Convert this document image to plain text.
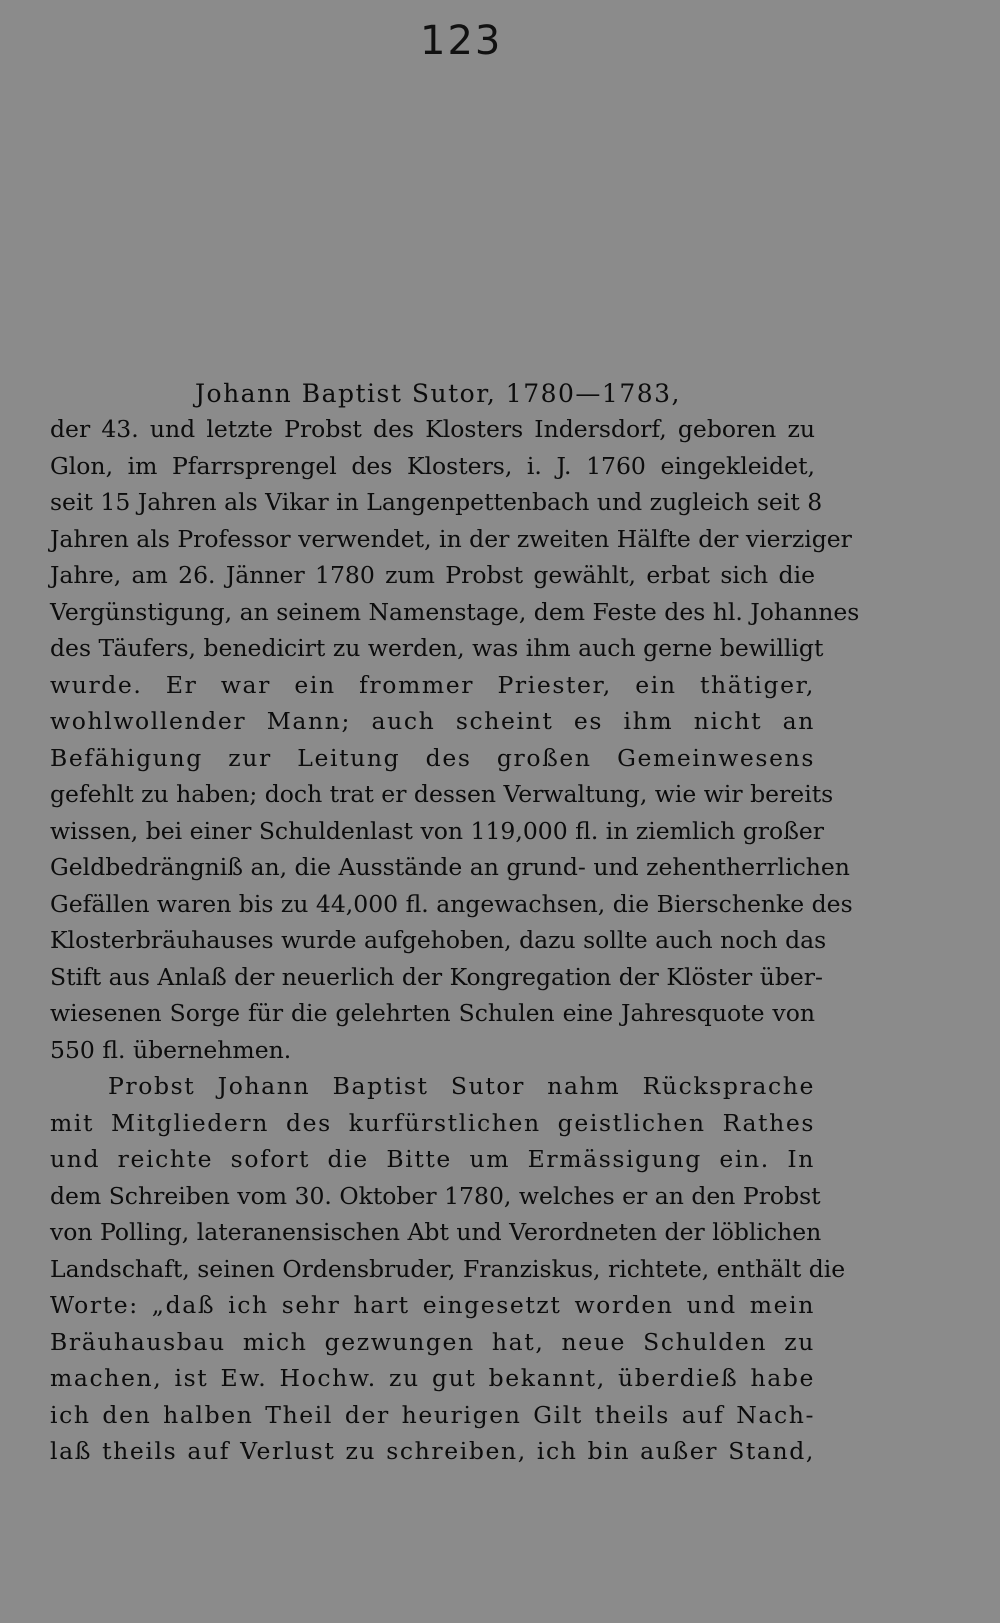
123
Johann Baptist Sutor, 1780—1783,
der 43. und letzte Probst des Klosters Indersdorf, geboren zu
Glon, im Pfarrsprengel des Klosters, i. J. 1760 eingekleidet,
seit 15 Jahren als Vikar in Langenpettenbach und zugleich seit 8
Jahren als Professor verwendet, in der zweiten Hälfte der vierziger
Jahre, am 26. Jänner 1780 zum Probst gewählt, erbat sich die
Vergünstigung, an seinem Namenstage, dem Feste des hl. Johannes
des Täufers, benedicirt zu werden, was ihm auch gerne bewilligt
wurde. Er war ein frommer Priester, ein thätiger,
wohlwollender Mann; auch scheint es ihm nicht an
Befähigung zur Leitung des großen Gemeinwesens
gefehlt zu haben; doch trat er dessen Verwaltung, wie wir bereits
wissen, bei einer Schuldenlast von 119,000 fl. in ziemlich großer
Geldbedrängniß an, die Ausstände an grund- und zehentherrlichen
Gefällen waren bis zu 44,000 fl. angewachsen, die Bierschenke des
Klosterbräuhauses wurde aufgehoben, dazu sollte auch noch das
Stift aus Anlaß der neuerlich der Kongregation der Klöster über-
wiesenen Sorge für die gelehrten Schulen eine Jahresquote von
550 fl. übernehmen.
Probst Johann Baptist Sutor nahm Rücksprache
mit Mitgliedern des kurfürstlichen geistlichen Rathes
und reichte sofort die Bitte um Ermässigung ein. In
dem Schreiben vom 30. Oktober 1780, welches er an den Probst
von Polling, lateranensischen Abt und Verordneten der löblichen
Landschaft, seinen Ordensbruder, Franziskus, richtete, enthält die
Worte: „daß ich sehr hart eingesetzt worden und mein
Bräuhausbau mich gezwungen hat, neue Schulden zu
machen, ist Ew. Hochw. zu gut bekannt, überdieß habe
ich den halben Theil der heurigen Gilt theils auf Nach-
laß theils auf Verlust zu schreiben, ich bin außer Stand,
